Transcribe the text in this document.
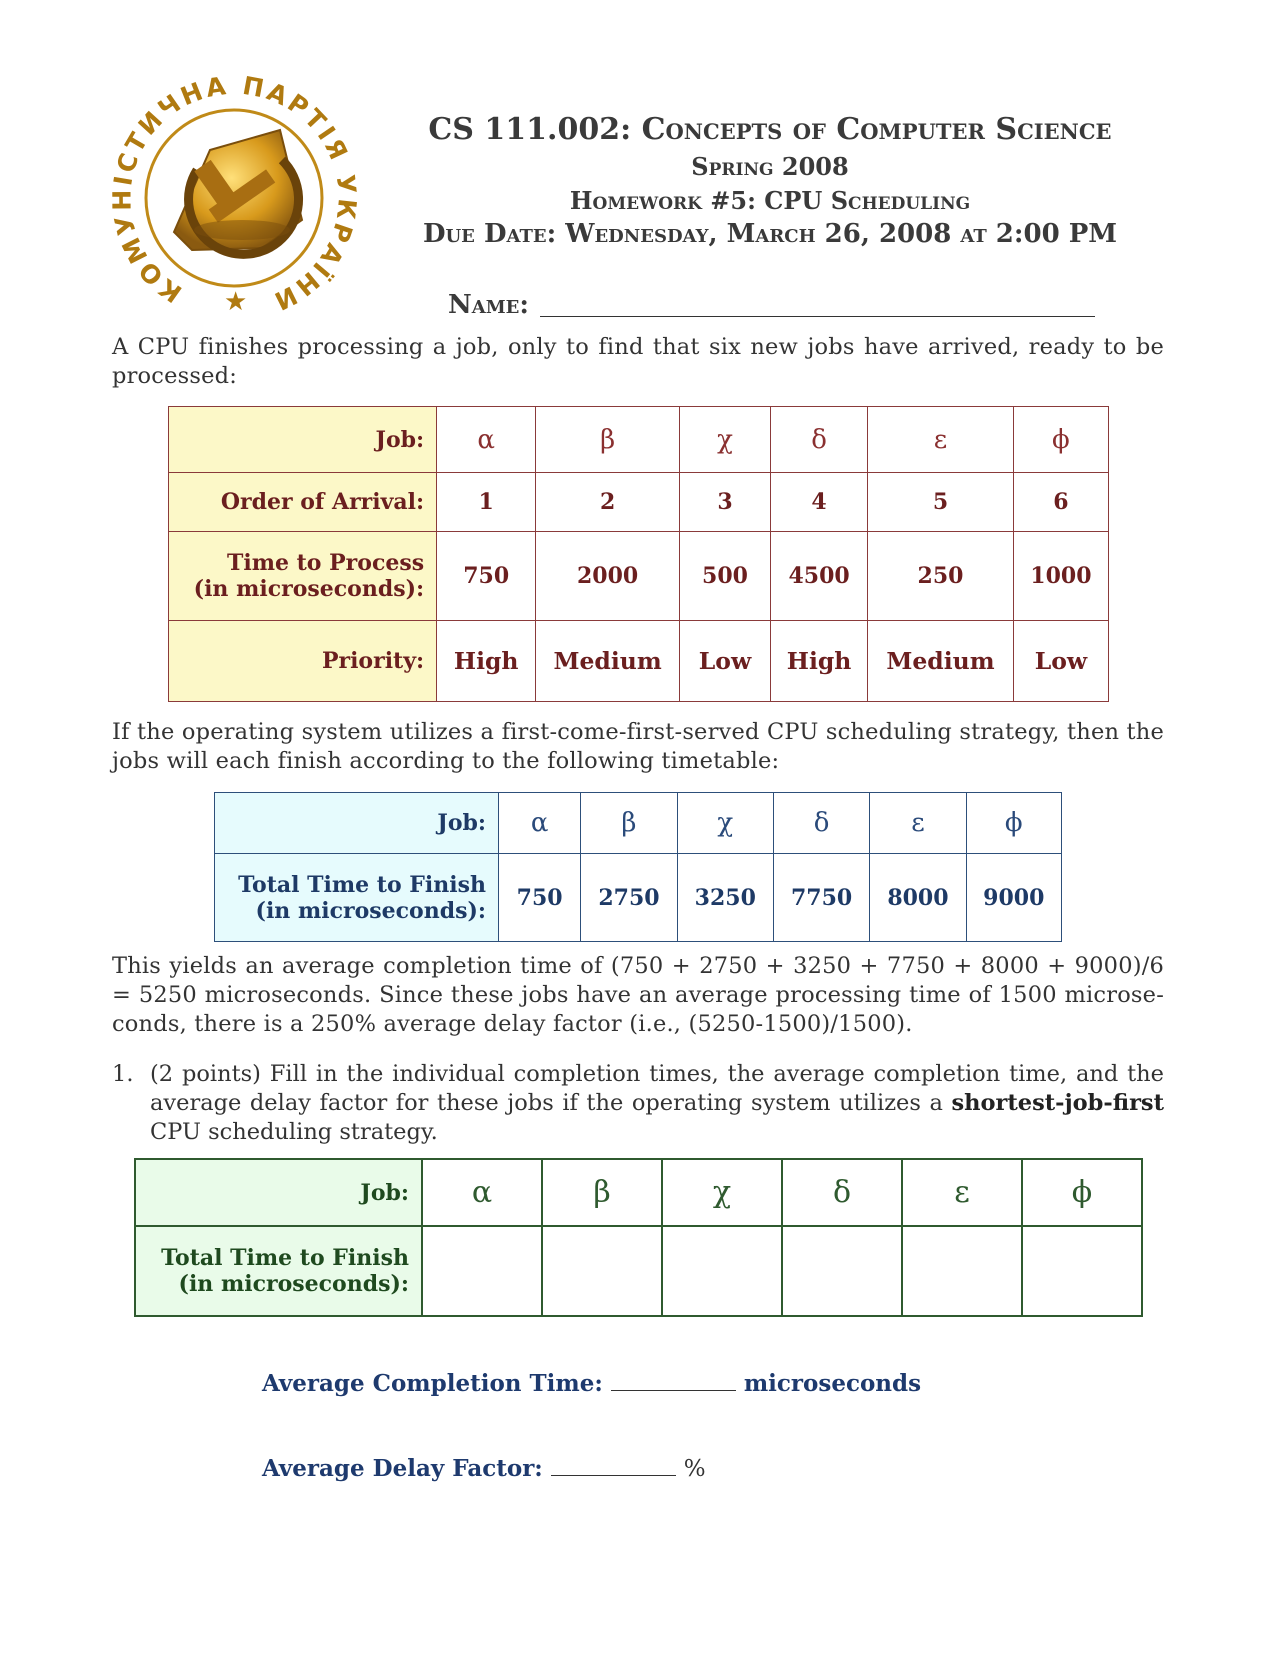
КОМ СТИЧНА ПАРТІЯ РАЇНИ
★
CS 111.002: Concepts of Computer Science
Spring 2008
Homework #5: CPU Scheduling
Due Date: Wednesday, March 26, 2008 at 2:00 PM
Name:
A CPU finishes processing a job, only to find that six new jobs have arrived, ready to be processed:
Job:	α	β	χ	δ	ε	ϕ
Order of Arrival:	1	2	3	4	5	6

Time to Process
(in microseconds):	750	2000	500	4500	250	1000
Priority:	High	Medium	Low	High	Medium	Low
If the operating system utilizes a first-come-first-served CPU scheduling strategy, then the jobs will each finish according to the following timetable:
Job:	α	β	χ	δ	ε	ϕ

Total Time to Finish
(in microseconds):	750	2750	3250	7750	8000	9000
This yields an average completion time of (750 + 2750 + 3250 + 7750 + 8000 + 9000)/6 = 5250 microseconds. Since these jobs have an average processing time of 1500 microse-conds, there is a 250% average delay factor (i.e., (5250-1500)/1500).
1. (2 points) Fill in the individual completion times, the average completion time, and the average delay factor for these jobs if the operating system utilizes a shortest-job-first CPU scheduling strategy.
Job:	α	β	χ	δ	ε	ϕ

Total Time to Finish
(in microseconds):						

Average Completion Time:	microseconds
Average Delay Factor:	%
